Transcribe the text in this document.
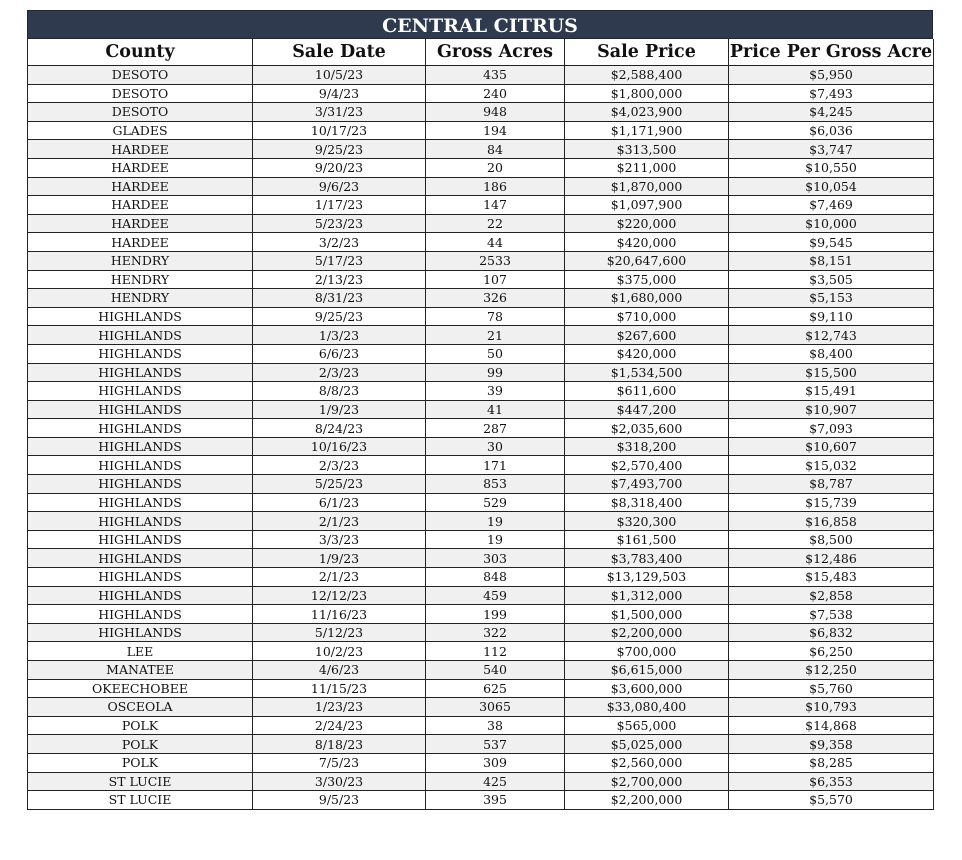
CENTRAL CITRUS
County	Sale Date	Gross Acres	Sale Price	Price Per Gross Acre
DESOTO	10/5/23	435	$2,588,400	$5,950
DESOTO	9/4/23	240	$1,800,000	$7,493
DESOTO	3/31/23	948	$4,023,900	$4,245
GLADES	10/17/23	194	$1,171,900	$6,036
HARDEE	9/25/23	84	$313,500	$3,747
HARDEE	9/20/23	20	$211,000	$10,550
HARDEE	9/6/23	186	$1,870,000	$10,054
HARDEE	1/17/23	147	$1,097,900	$7,469
HARDEE	5/23/23	22	$220,000	$10,000
HARDEE	3/2/23	44	$420,000	$9,545
HENDRY	5/17/23	2533	$20,647,600	$8,151
HENDRY	2/13/23	107	$375,000	$3,505
HENDRY	8/31/23	326	$1,680,000	$5,153
HIGHLANDS	9/25/23	78	$710,000	$9,110
HIGHLANDS	1/3/23	21	$267,600	$12,743
HIGHLANDS	6/6/23	50	$420,000	$8,400
HIGHLANDS	2/3/23	99	$1,534,500	$15,500
HIGHLANDS	8/8/23	39	$611,600	$15,491
HIGHLANDS	1/9/23	41	$447,200	$10,907
HIGHLANDS	8/24/23	287	$2,035,600	$7,093
HIGHLANDS	10/16/23	30	$318,200	$10,607
HIGHLANDS	2/3/23	171	$2,570,400	$15,032
HIGHLANDS	5/25/23	853	$7,493,700	$8,787
HIGHLANDS	6/1/23	529	$8,318,400	$15,739
HIGHLANDS	2/1/23	19	$320,300	$16,858
HIGHLANDS	3/3/23	19	$161,500	$8,500
HIGHLANDS	1/9/23	303	$3,783,400	$12,486
HIGHLANDS	2/1/23	848	$13,129,503	$15,483
HIGHLANDS	12/12/23	459	$1,312,000	$2,858
HIGHLANDS	11/16/23	199	$1,500,000	$7,538
HIGHLANDS	5/12/23	322	$2,200,000	$6,832
LEE	10/2/23	112	$700,000	$6,250
MANATEE	4/6/23	540	$6,615,000	$12,250
OKEECHOBEE	11/15/23	625	$3,600,000	$5,760
OSCEOLA	1/23/23	3065	$33,080,400	$10,793
POLK	2/24/23	38	$565,000	$14,868
POLK	8/18/23	537	$5,025,000	$9,358
POLK	7/5/23	309	$2,560,000	$8,285
ST LUCIE	3/30/23	425	$2,700,000	$6,353
ST LUCIE	9/5/23	395	$2,200,000	$5,570
